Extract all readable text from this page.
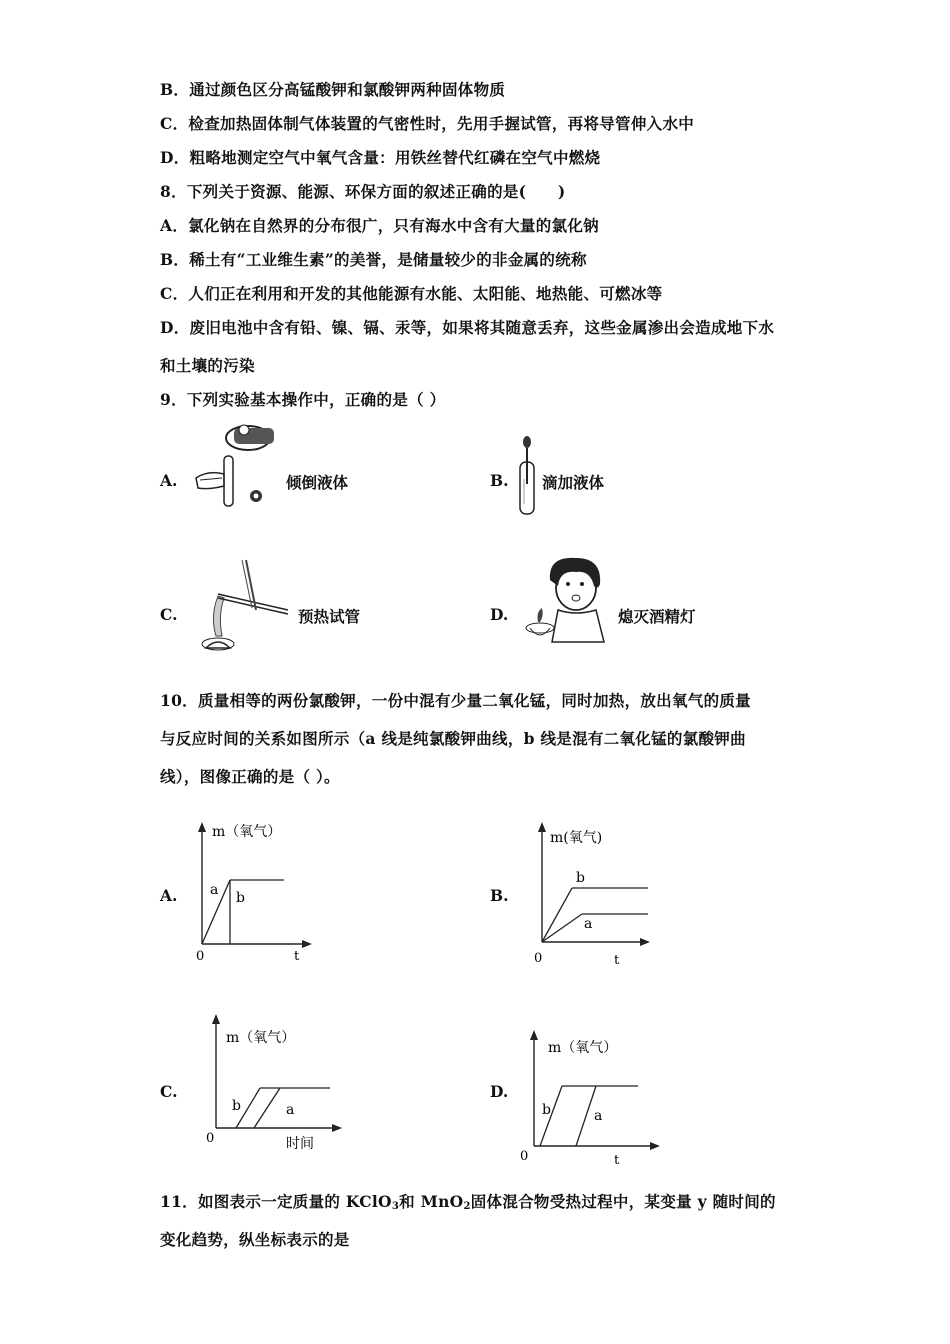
B．通过颜色区分高锰酸钾和氯酸钾两种固体物质
C．检查加热固体制气体装置的气密性时，先用手握试管，再将导管伸入水中
D．粗略地测定空气中氧气含量：用铁丝替代红磷在空气中燃烧
8．下列关于资源、能源、环保方面的叙述正确的是(　　)
A．氯化钠在自然界的分布很广，只有海水中含有大量的氯化钠
B．稀土有“工业维生素”的美誉，是储量较少的非金属的统称
C．人们正在利用和开发的其他能源有水能、太阳能、地热能、可燃冰等
D．废旧电池中含有铅、镍、镉、汞等，如果将其随意丢弃，这些金属渗出会造成地下水
和土壤的污染
9．下列实验基本操作中，正确的是（ ）
A.	倾倒液体	B. 滴加液体
C.	预热试管	D.	熄灭酒精灯
10．质量相等的两份氯酸钾，一份中混有少量二氧化锰，同时加热，放出氧气的质量
与反应时间的关系如图所示（a 线是纯氯酸钾曲线，b 线是混有二氧化锰的氯酸钾曲
线），图像正确的是（ ）。
A.
m（氧气）
0	t
a b	B.
m(氧气)
0	t
b
a
C.
m（氧气）
0	时间
b	a
D.
m（氧气）
0	t
b	a
11．如图表示一定质量的 KClO$_3$和 MnO$_2$固体混合物受热过程中，某变量 y 随时间的
变化趋势，纵坐标表示的是
